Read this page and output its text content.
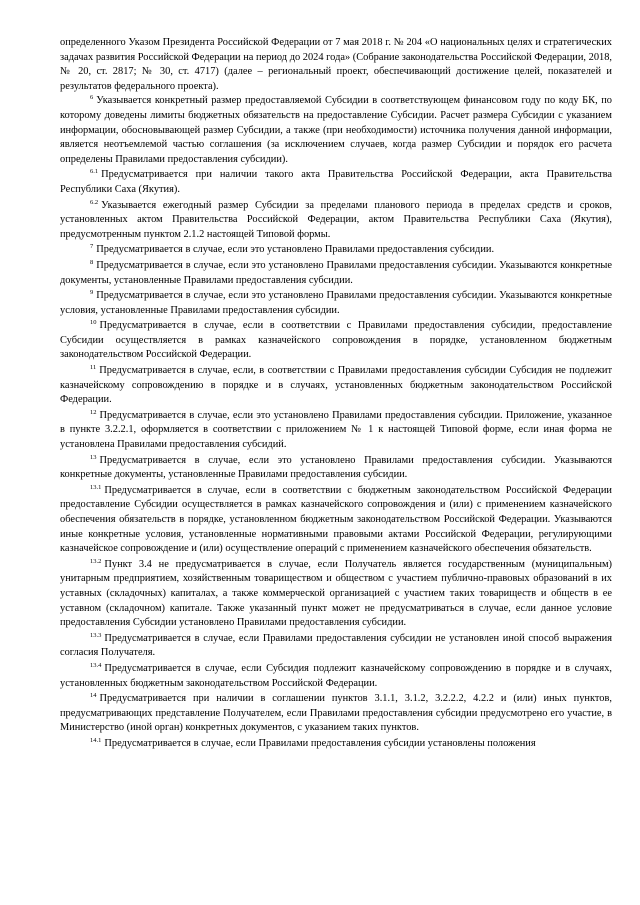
определенного Указом Президента Российской Федерации от 7 мая 2018 г. № 204 «О национальных целях и стратегических задачах развития Российской Федерации на период до 2024 года» (Собрание законодательства Российской Федерации, 2018, № 20, ст. 2817; № 30, ст. 4717) (далее – региональный проект, обеспечивающий достижение целей, показателей и результатов федерального проекта).

$^6$ Указывается конкретный размер предоставляемой Субсидии в соответствующем финансовом году по коду БК, по которому доведены лимиты бюджетных обязательств на предоставление Субсидии. Расчет размера Субсидии с указанием информации, обосновывающей размер Субсидии, а также (при необходимости) источника получения данной информации, является неотъемлемой частью соглашения (за исключением случаев, когда размер Субсидии и порядок его расчета определены Правилами предоставления субсидии).

$^{6.1}$ Предусматривается при наличии такого акта Правительства Российской Федерации, акта Правительства Республики Саха (Якутия).

$^{6.2}$ Указывается ежегодный размер Субсидии за пределами планового периода в пределах средств и сроков, установленных актом Правительства Российской Федерации, актом Правительства Республики Саха (Якутия), предусмотренным пунктом 2.1.2 настоящей Типовой формы.

$^7$ Предусматривается в случае, если это установлено Правилами предоставления субсидии.

$^8$ Предусматривается в случае, если это установлено Правилами предоставления субсидии. Указываются конкретные документы, установленные Правилами предоставления субсидии.

$^9$ Предусматривается в случае, если это установлено Правилами предоставления субсидии. Указываются конкретные условия, установленные Правилами предоставления субсидии.

$^{10}$ Предусматривается в случае, если в соответствии с Правилами предоставления субсидии, предоставление Субсидии осуществляется в рамках казначейского сопровождения в порядке, установленном бюджетным законодательством Российской Федерации.

$^{11}$ Предусматривается в случае, если, в соответствии с Правилами предоставления субсидии Субсидия не подлежит казначейскому сопровождению в порядке и в случаях, установленных бюджетным законодательством Российской Федерации.

$^{12}$ Предусматривается в случае, если это установлено Правилами предоставления субсидии. Приложение, указанное в пункте 3.2.2.1, оформляется в соответствии с приложением № 1 к настоящей Типовой форме, если иная форма не установлена Правилами предоставления субсидий.

$^{13}$ Предусматривается в случае, если это установлено Правилами предоставления субсидии. Указываются конкретные документы, установленные Правилами предоставления субсидии.

$^{13.1}$ Предусматривается в случае, если в соответствии с бюджетным законодательством Российской Федерации предоставление Субсидии осуществляется в рамках казначейского сопровождения и (или) с применением казначейского обеспечения обязательств в порядке, установленном бюджетным законодательством Российской Федерации. Указываются иные конкретные условия, установленные нормативными правовыми актами Российской Федерации, регулирующими казначейское сопровождение и (или) осуществление операций с применением казначейского обеспечения обязательств.

$^{13.2}$ Пункт 3.4 не предусматривается в случае, если Получатель является государственным (муниципальным) унитарным предприятием, хозяйственным товариществом и обществом с участием публично-правовых образований в их уставных (складочных) капиталах, а также коммерческой организацией с участием таких товариществ и обществ в ее уставном (складочном) капитале. Также указанный пункт может не предусматриваться в случае, если данное условие предоставления Субсидии установлено Правилами предоставления субсидии.

$^{13.3}$ Предусматривается в случае, если Правилами предоставления субсидии не установлен иной способ выражения согласия Получателя.

$^{13.4}$ Предусматривается в случае, если Субсидия подлежит казначейскому сопровождению в порядке и в случаях, установленных бюджетным законодательством Российской Федерации.

$^{14}$ Предусматривается при наличии в соглашении пунктов 3.1.1, 3.1.2, 3.2.2.2, 4.2.2 и (или) иных пунктов, предусматривающих представление Получателем, если Правилами предоставления субсидии предусмотрено его участие, в Министерство (иной орган) конкретных документов, с указанием таких пунктов.

$^{14.1}$ Предусматривается в случае, если Правилами предоставления субсидии установлены положения
